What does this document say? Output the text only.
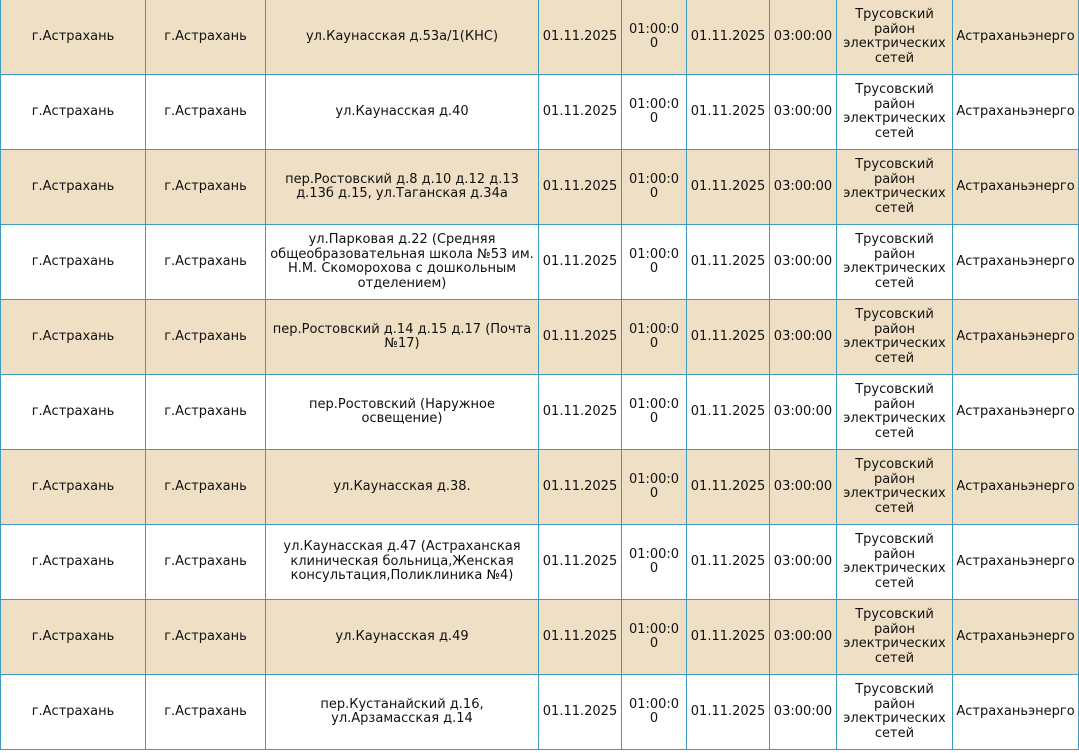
г.Астрахань	г.Астрахань	ул.Каунасская д.53а/1(КНС)	01.11.2025	01:00:00	01.11.2025	03:00:00	Трусовский район электрических сетей	Астраханьэнерго
г.Астрахань	г.Астрахань	ул.Каунасская д.40	01.11.2025	01:00:00	01.11.2025	03:00:00	Трусовский район электрических сетей	Астраханьэнерго
г.Астрахань	г.Астрахань	пер.Ростовский д.8 д.10 д.12 д.13 д.13б д.15, ул.Таганская д.34а	01.11.2025	01:00:00	01.11.2025	03:00:00	Трусовский район электрических сетей	Астраханьэнерго
г.Астрахань	г.Астрахань	ул.Парковая д.22 (Средняя общеобразовательная школа №53 им. Н.М. Скоморохова с дошкольным отделением)	01.11.2025	01:00:00	01.11.2025	03:00:00	Трусовский район электрических сетей	Астраханьэнерго
г.Астрахань	г.Астрахань	пер.Ростовский д.14 д.15 д.17 (Почта №17)	01.11.2025	01:00:00	01.11.2025	03:00:00	Трусовский район электрических сетей	Астраханьэнерго
г.Астрахань	г.Астрахань	пер.Ростовский (Наружное освещение)	01.11.2025	01:00:00	01.11.2025	03:00:00	Трусовский район электрических сетей	Астраханьэнерго
г.Астрахань	г.Астрахань	ул.Каунасская д.38.	01.11.2025	01:00:00	01.11.2025	03:00:00	Трусовский район электрических сетей	Астраханьэнерго
г.Астрахань	г.Астрахань	ул.Каунасская д.47 (Астраханская клиническая больница,Женская консультация,Поликлиника №4)	01.11.2025	01:00:00	01.11.2025	03:00:00	Трусовский район электрических сетей	Астраханьэнерго
г.Астрахань	г.Астрахань	ул.Каунасская д.49	01.11.2025	01:00:00	01.11.2025	03:00:00	Трусовский район электрических сетей	Астраханьэнерго
г.Астрахань	г.Астрахань	пер.Кустанайский д.16, ул.Арзамасская д.14	01.11.2025	01:00:00	01.11.2025	03:00:00	Трусовский район электрических сетей	Астраханьэнерго
